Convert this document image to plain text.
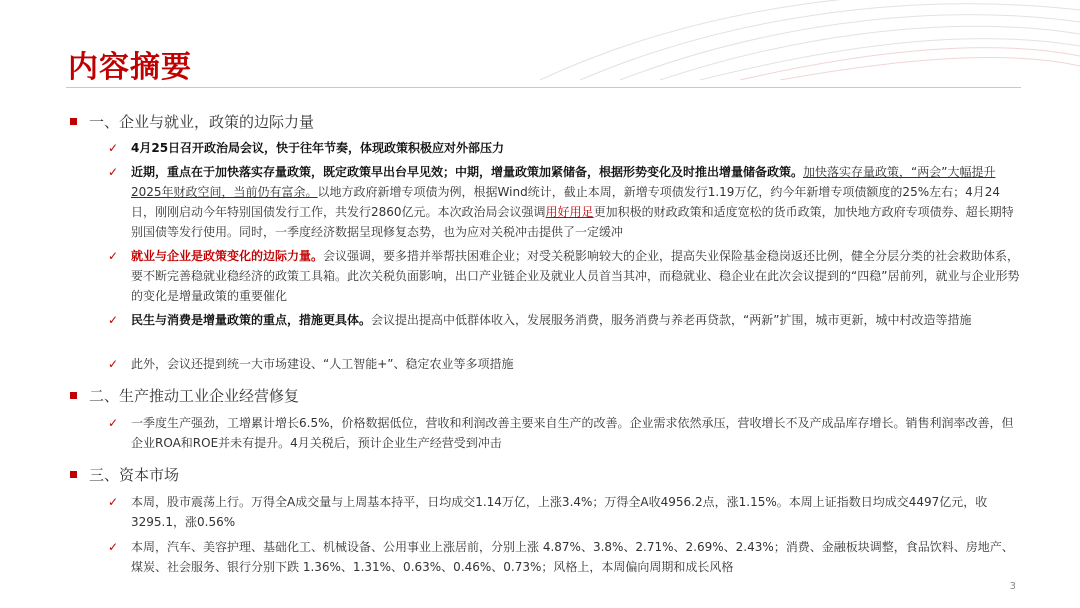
内容摘要
一、企业与就业，政策的边际力量
✓ 4月25日召开政治局会议，快于往年节奏，体现政策积极应对外部压力
✓ 近期，重点在于加快落实存量政策，既定政策早出台早见效；中期，增量政策加紧储备，根据形势变化及时推出增量储备政策。加快落实存量政策，“两会”大幅提升2025年财政空间，当前仍有富余。以地方政府新增专项债为例，根据Wind统计，截止本周，新增专项债发行1.19万亿，约今年新增专项债额度的25%左右；4月24日，刚刚启动今年特别国债发行工作，共发行2860亿元。本次政治局会议强调用好用足更加积极的财政政策和适度宽松的货币政策，加快地方政府专项债券、超长期特别国债等发行使用。同时，一季度经济数据呈现修复态势，也为应对关税冲击提供了一定缓冲
✓ 就业与企业是政策变化的边际力量。会议强调，要多措并举帮扶困难企业；对受关税影响较大的企业，提高失业保险基金稳岗返还比例，健全分层分类的社会救助体系，要不断完善稳就业稳经济的政策工具箱。此次关税负面影响，出口产业链企业及就业人员首当其冲，而稳就业、稳企业在此次会议提到的“四稳”居前列，就业与企业形势的变化是增量政策的重要催化
✓ 民生与消费是增量政策的重点，措施更具体。会议提出提高中低群体收入，发展服务消费，服务消费与养老再贷款，“两新”扩围，城市更新，城中村改造等措施
✓ 此外，会议还提到统一大市场建设、“人工智能+”、稳定农业等多项措施
二、生产推动工业企业经营修复
✓ 一季度生产强劲，工增累计增长6.5%，价格数据低位，营收和利润改善主要来自生产的改善。企业需求依然承压，营收增长不及产成品库存增长。销售利润率改善，但企业ROA和ROE并未有提升。4月关税后，预计企业生产经营受到冲击
三、资本市场
✓ 本周，股市震荡上行。万得全A成交量与上周基本持平，日均成交1.14万亿，上涨3.4%；万得全A收4956.2点，涨1.15%。本周上证指数日均成交4497亿元，收3295.1，涨0.56%
✓ 本周，汽车、美容护理、基础化工、机械设备、公用事业上涨居前，分别上涨 4.87%、3.8%、2.71%、2.69%、2.43%；消费、金融板块调整，食品饮料、房地产、煤炭、社会服务、银行分别下跌 1.36%、1.31%、0.63%、0.46%、0.73%；风格上，本周偏向周期和成长风格
3
